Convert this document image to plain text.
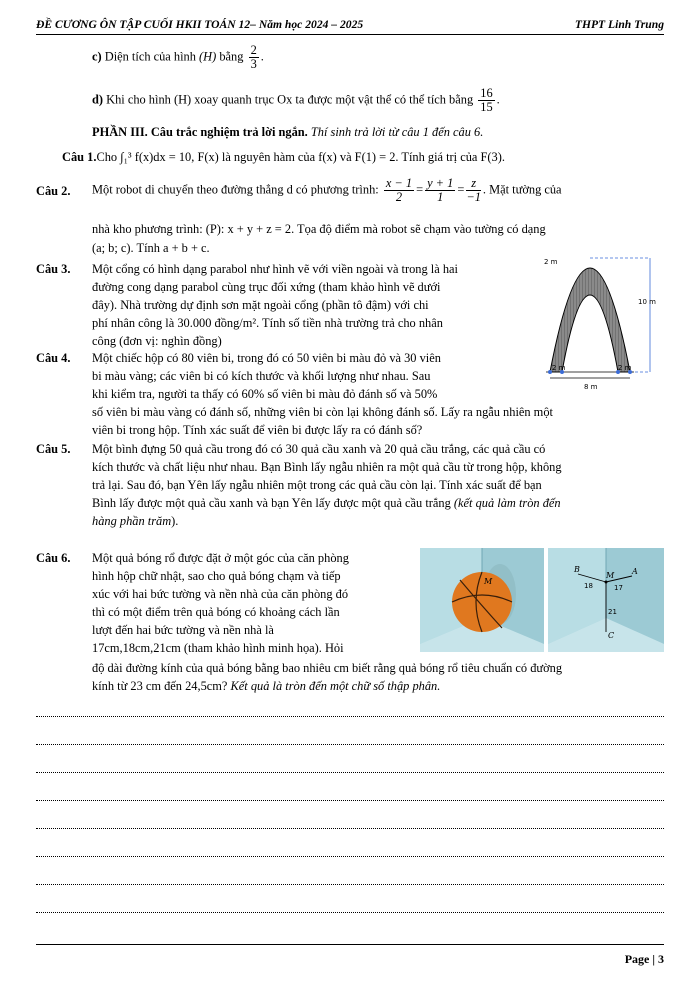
ĐỀ CƯƠNG ÔN TẬP CUỐI HKII TOÁN 12– Năm học 2024 – 2025	THPT Linh Trung
c) Diện tích của hình (H) bằng $\frac{2}{3}$ .
d) Khi cho hình (H) xoay quanh trục Ox ta được một vật thể có thể tích bằng $\frac{16}{15}$ .
PHẦN III. Câu trắc nghiệm trả lời ngắn. Thí sinh trả lời từ câu 1 đến câu 6.
Câu 1.Cho ∫₁³ f(x)dx = 10, F(x) là nguyên hàm của f(x) và F(1) = 2. Tính giá trị của F(3).
Câu 2. Một robot di chuyển theo đường thẳng d có phương trình: $\frac{x - 1}{2} = \frac{y + 1}{1} = \frac{z}{-1}$ . Mặt tường của
nhà kho phương trình: (P): x + y + z = 2. Tọa độ điểm mà robot sẽ chạm vào tường có dạng
(a; b; c). Tính a + b + c.
Câu 3. Một cổng có hình dạng parabol như hình vẽ với viền ngoài và trong là hai
đường cong dạng parabol cùng trục đối xứng (tham khảo hình vẽ dưới
đây). Nhà trường dự định sơn mặt ngoài cổng (phần tô đậm) với chi
phí nhân công là 30.000 đồng/m². Tính số tiền nhà trường trả cho nhân
công (đơn vị: nghìn đồng)
2 m
10 m
2 m	2 m
8 m
Câu 4. Một chiếc hộp có 80 viên bi, trong đó có 50 viên bi màu đỏ và 30 viên
bi màu vàng; các viên bi có kích thước và khối lượng như nhau. Sau
khi kiểm tra, người ta thấy có 60% số viên bi màu đỏ đánh số và 50%
số viên bi màu vàng có đánh số, những viên bi còn lại không đánh số. Lấy ra ngẫu nhiên một
viên bi trong hộp. Tính xác suất để viên bi được lấy ra có đánh số?
Câu 5. Một bình đựng 50 quả cầu trong đó có 30 quả cầu xanh và 20 quả cầu trắng, các quả cầu có
kích thước và chất liệu như nhau. Bạn Bình lấy ngẫu nhiên ra một quả cầu từ trong hộp, không
trả lại. Sau đó, bạn Yên lấy ngẫu nhiên một trong các quả cầu còn lại. Tính xác suất để bạn
Bình lấy được một quả cầu xanh và bạn Yên lấy được một quả cầu trắng (kết quả làm tròn đến
hàng phần trăm).
Câu 6. Một quả bóng rổ được đặt ở một góc của căn phòng
hình hộp chữ nhật, sao cho quả bóng chạm và tiếp
xúc với hai bức tường và nền nhà của căn phòng đó
thì có một điểm trên quả bóng có khoảng cách lần
lượt đến hai bức tường và nền nhà là
17cm,18cm,21cm (tham khảo hình minh họa). Hỏi
độ dài đường kính của quả bóng bằng bao nhiêu cm biết rằng quả bóng rổ tiêu chuẩn có đường
kính từ 23 cm đến 24,5cm? Kết quả là tròn đến một chữ số thập phân.
M
M A
B
C
18	17
21
Page | 3
